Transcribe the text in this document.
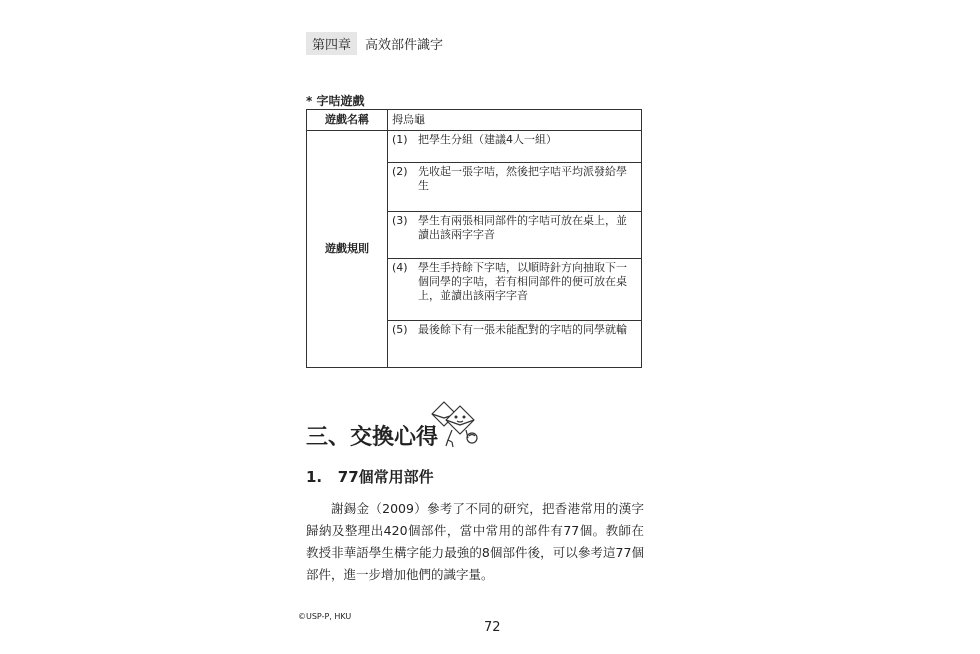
第四章	高效部件識字
* 字咭遊戲
遊戲名稱	拇烏龜
遊戲規則	(1) 把學生分組（建議4人一組）

	(2) 先收起一張字咭，然後把字咭平均派發給學生

	(3) 學生有兩張相同部件的字咭可放在桌上，並讀出該兩字字音

	(4) 學生手持餘下字咭，以順時針方向抽取下一個同學的字咭，若有相同部件的便可放在桌上，並讀出該兩字字音

	(5) 最後餘下有一張未能配對的字咭的同學就輸
三、交換心得
1.   77個常用部件
謝錫金（2009）參考了不同的研究，把香港常用的漢字歸納及整理出420個部件，當中常用的部件有77個。教師在教授非華語學生構字能力最強的8個部件後，可以參考這77個部件，進一步增加他們的識字量。
©USP-P, HKU
72
